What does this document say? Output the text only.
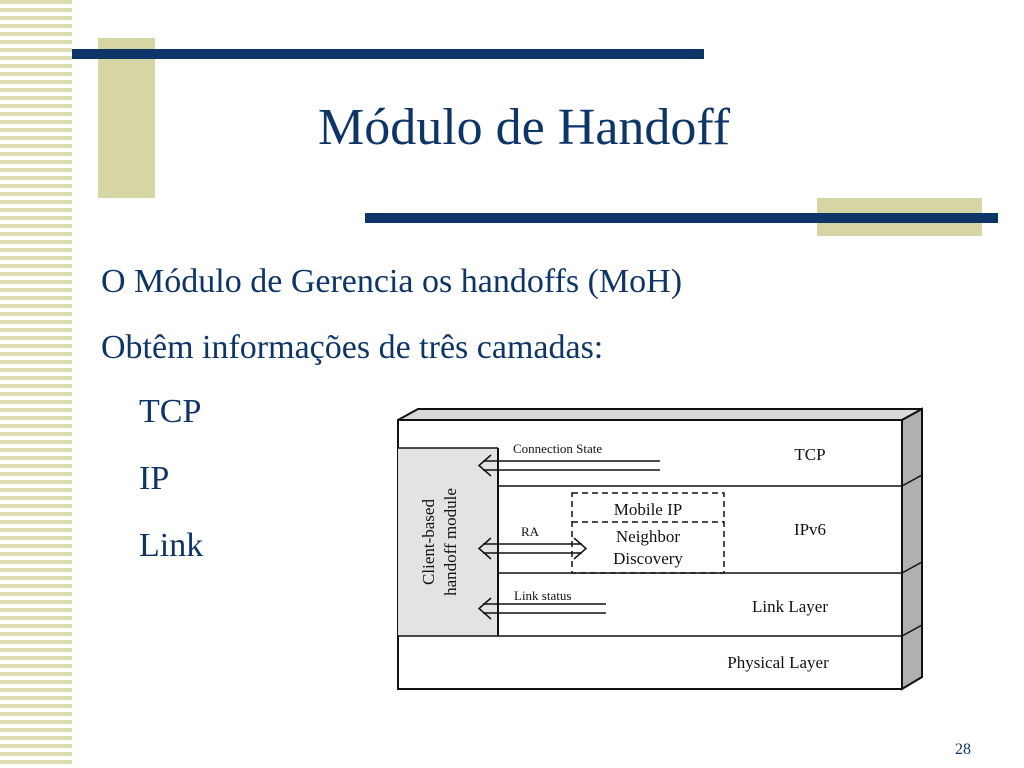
Módulo de Handoff

O Módulo de Gerencia os handoffs (MoH)

Obtêm informações de três camadas:

TCP

IP

Link

Connection State
RA
Link status
Mobile IP
Neighbor
Discovery
TCP
IPv6
Link Layer
Physical Layer
Client-based handoff module
28
